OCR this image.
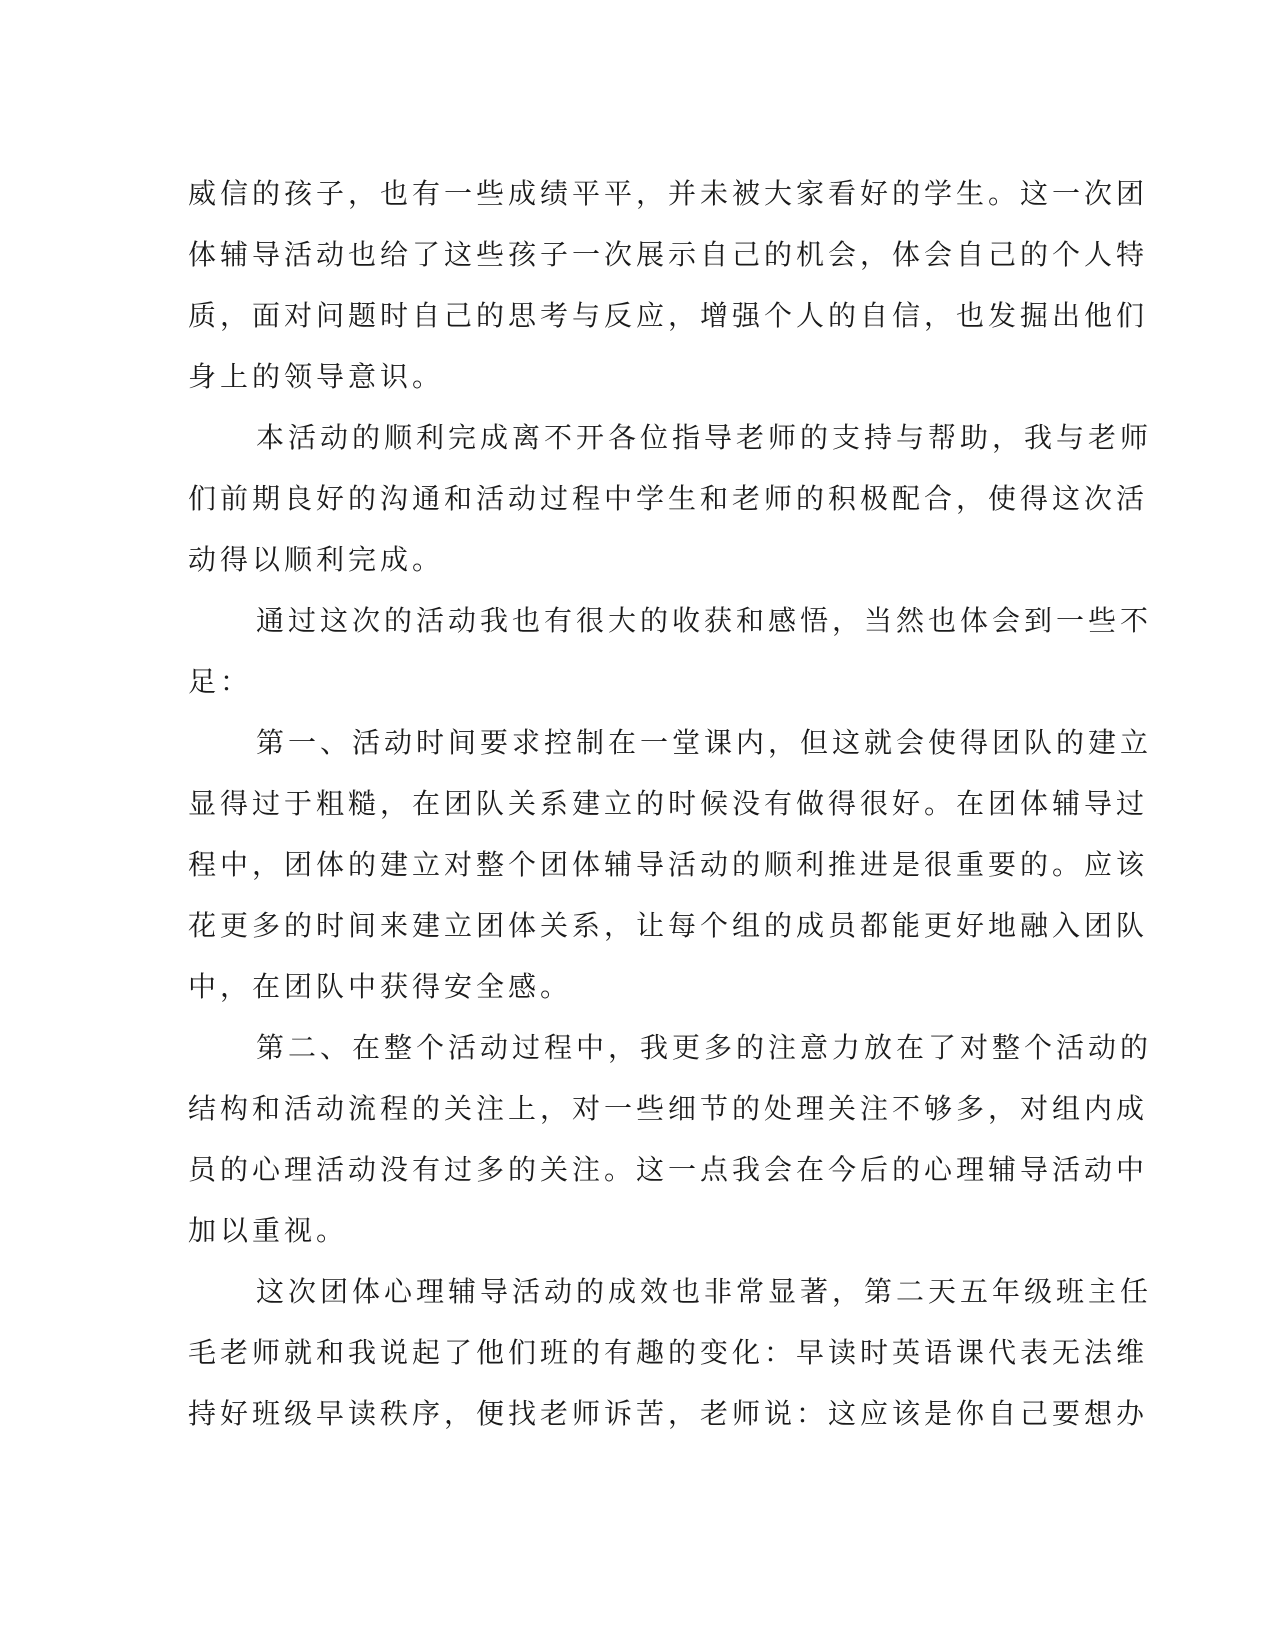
威信的孩子，也有一些成绩平平，并未被大家看好的学生。这一次团
体辅导活动也给了这些孩子一次展示自己的机会，体会自己的个人特
质，面对问题时自己的思考与反应，增强个人的自信，也发掘出他们
身上的领导意识。

本活动的顺利完成离不开各位指导老师的支持与帮助，我与老师
们前期良好的沟通和活动过程中学生和老师的积极配合，使得这次活
动得以顺利完成。

通过这次的活动我也有很大的收获和感悟，当然也体会到一些不
足：

第一、活动时间要求控制在一堂课内，但这就会使得团队的建立
显得过于粗糙，在团队关系建立的时候没有做得很好。在团体辅导过
程中，团体的建立对整个团体辅导活动的顺利推进是很重要的。应该
花更多的时间来建立团体关系，让每个组的成员都能更好地融入团队
中，在团队中获得安全感。

第二、在整个活动过程中，我更多的注意力放在了对整个活动的
结构和活动流程的关注上，对一些细节的处理关注不够多，对组内成
员的心理活动没有过多的关注。这一点我会在今后的心理辅导活动中
加以重视。

这次团体心理辅导活动的成效也非常显著，第二天五年级班主任
毛老师就和我说起了他们班的有趣的变化：早读时英语课代表无法维
持好班级早读秩序，便找老师诉苦，老师说：这应该是你自己要想办
